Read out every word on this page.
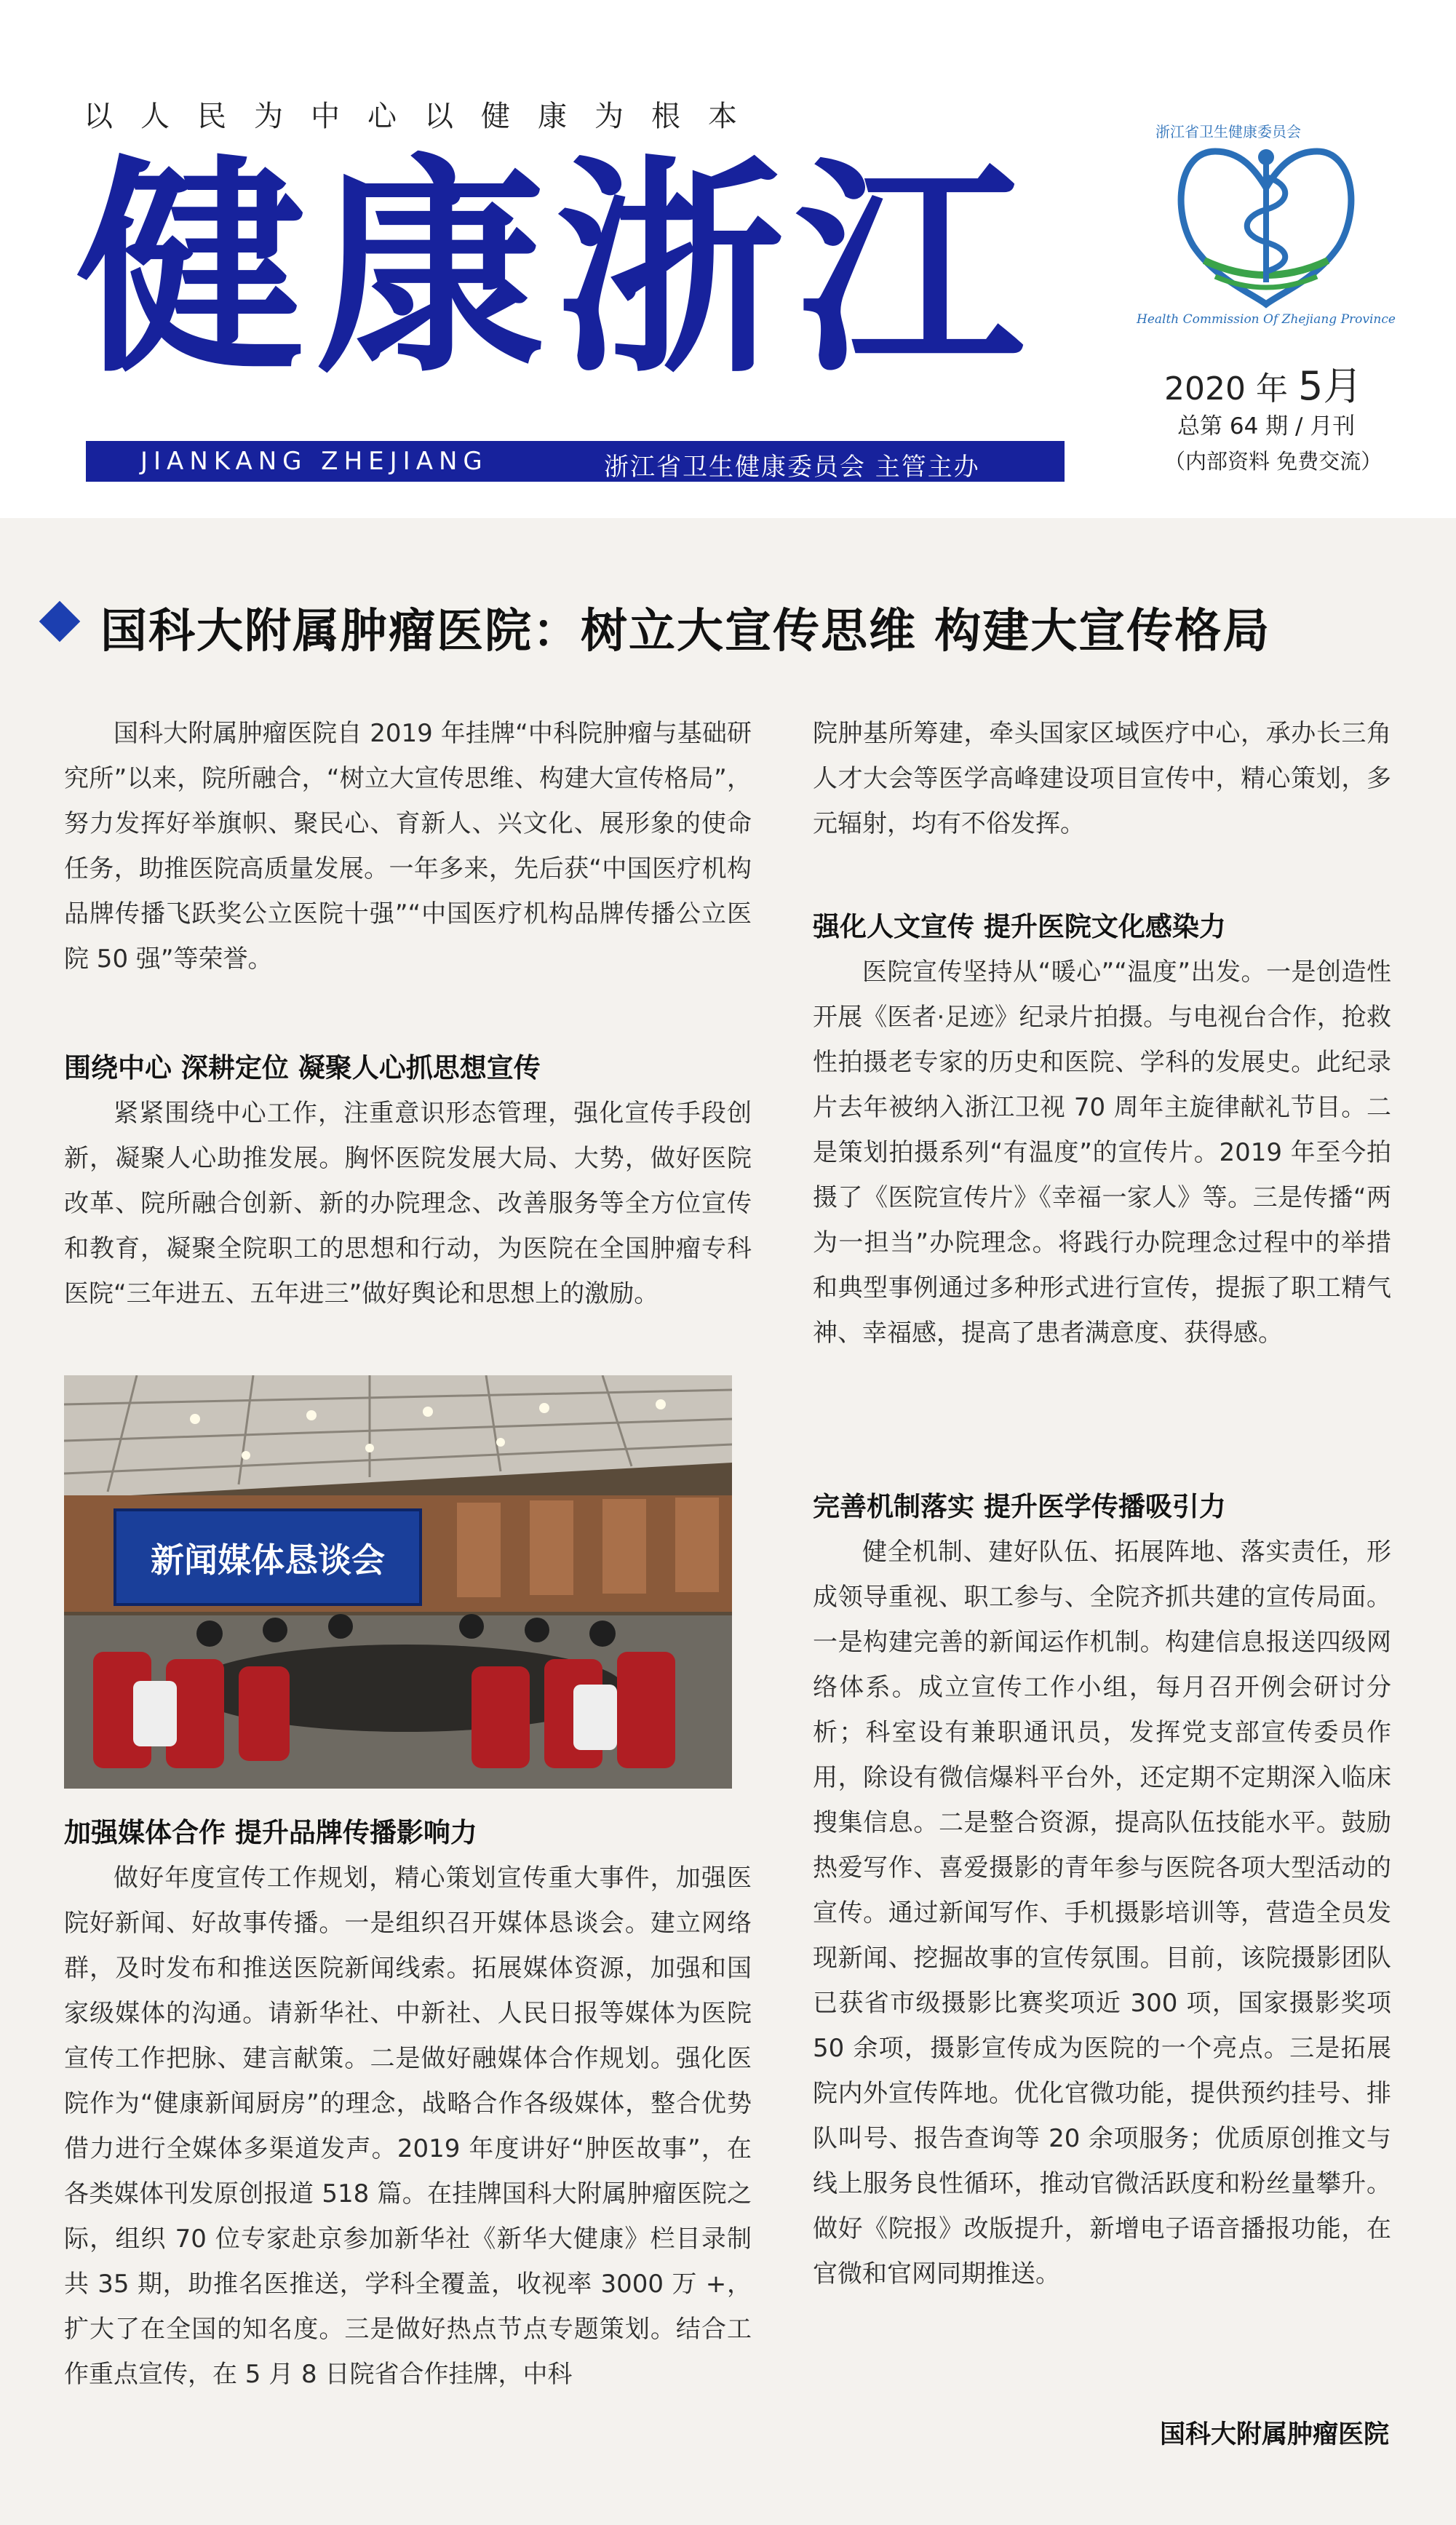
以人民为中心以健康为根本
健康浙江
JIANKANG ZHEJIANG	浙江省卫生健康委员会 主管主办
浙江省卫生健康委员会
Health Commission Of Zhejiang Province
2020 年 5月
总第 64 期 / 月刊
（内部资料 免费交流）
国科大附属肿瘤医院：树立大宣传思维 构建大宣传格局

国科大附属肿瘤医院自 2019 年挂牌“中科院肿瘤与基础研究所”以来，院所融合，“树立大宣传思维、构建大宣传格局”，努力发挥好举旗帜、聚民心、育新人、兴文化、展形象的使命任务，助推医院高质量发展。一年多来，先后获“中国医疗机构品牌传播飞跃奖公立医院十强”“中国医疗机构品牌传播公立医院 50 强”等荣誉。

围绕中心 深耕定位 凝聚人心抓思想宣传

紧紧围绕中心工作，注重意识形态管理，强化宣传手段创新，凝聚人心助推发展。胸怀医院发展大局、大势，做好医院改革、院所融合创新、新的办院理念、改善服务等全方位宣传和教育，凝聚全院职工的思想和行动，为医院在全国肿瘤专科医院“三年进五、五年进三”做好舆论和思想上的激励。

新闻媒体恳谈会
加强媒体合作 提升品牌传播影响力

做好年度宣传工作规划，精心策划宣传重大事件，加强医院好新闻、好故事传播。一是组织召开媒体恳谈会。建立网络群，及时发布和推送医院新闻线索。拓展媒体资源，加强和国家级媒体的沟通。请新华社、中新社、人民日报等媒体为医院宣传工作把脉、建言献策。二是做好融媒体合作规划。强化医院作为“健康新闻厨房”的理念，战略合作各级媒体，整合优势借力进行全媒体多渠道发声。2019 年度讲好“肿医故事”，在各类媒体刊发原创报道 518 篇。在挂牌国科大附属肿瘤医院之际，组织 70 位专家赴京参加新华社《新华大健康》栏目录制共 35 期，助推名医推送，学科全覆盖，收视率 3000 万 +，扩大了在全国的知名度。三是做好热点节点专题策划。结合工作重点宣传，在 5 月 8 日院省合作挂牌，中科

院肿基所筹建，牵头国家区域医疗中心，承办长三角人才大会等医学高峰建设项目宣传中，精心策划，多元辐射，均有不俗发挥。

强化人文宣传 提升医院文化感染力

医院宣传坚持从“暖心”“温度”出发。一是创造性开展《医者·足迹》纪录片拍摄。与电视台合作，抢救性拍摄老专家的历史和医院、学科的发展史。此纪录片去年被纳入浙江卫视 70 周年主旋律献礼节目。二是策划拍摄系列“有温度”的宣传片。2019 年至今拍摄了《医院宣传片》《幸福一家人》等。三是传播“两为一担当”办院理念。将践行办院理念过程中的举措和典型事例通过多种形式进行宣传，提振了职工精气神、幸福感，提高了患者满意度、获得感。

完善机制落实 提升医学传播吸引力

健全机制、建好队伍、拓展阵地、落实责任，形成领导重视、职工参与、全院齐抓共建的宣传局面。一是构建完善的新闻运作机制。构建信息报送四级网络体系。成立宣传工作小组，每月召开例会研讨分析；科室设有兼职通讯员，发挥党支部宣传委员作用，除设有微信爆料平台外，还定期不定期深入临床搜集信息。二是整合资源，提高队伍技能水平。鼓励热爱写作、喜爱摄影的青年参与医院各项大型活动的宣传。通过新闻写作、手机摄影培训等，营造全员发现新闻、挖掘故事的宣传氛围。目前，该院摄影团队已获省市级摄影比赛奖项近 300 项，国家摄影奖项 50 余项，摄影宣传成为医院的一个亮点。三是拓展院内外宣传阵地。优化官微功能，提供预约挂号、排队叫号、报告查询等 20 余项服务；优质原创推文与线上服务良性循环，推动官微活跃度和粉丝量攀升。做好《院报》改版提升，新增电子语音播报功能，在官微和官网同期推送。

国科大附属肿瘤医院
